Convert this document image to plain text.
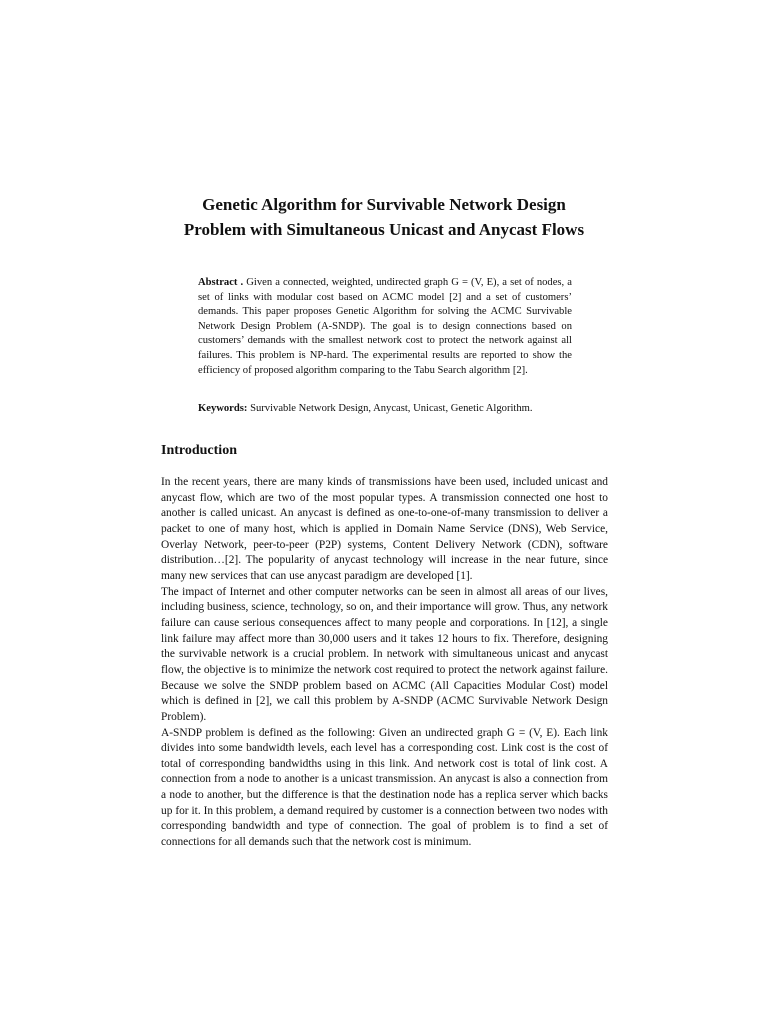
Genetic Algorithm for Survivable Network Design
Problem with Simultaneous Unicast and Anycast Flows
Abstract . Given a connected, weighted, undirected graph G = (V, E), a set of nodes, a set of links with modular cost based on ACMC model [2] and a set of customers’ demands. This paper proposes Genetic Algorithm for solving the ACMC Survivable Network Design Problem (A-SNDP). The goal is to design connections based on customers’ demands with the smallest network cost to protect the network against all failures. This problem is NP-hard. The experimental results are reported to show the efficiency of proposed algorithm comparing to the Tabu Search algorithm [2].
Keywords: Survivable Network Design, Anycast, Unicast, Genetic Algorithm.
Introduction

In the recent years, there are many kinds of transmissions have been used, included unicast and anycast flow, which are two of the most popular types. A transmission connected one host to another is called unicast. An anycast is defined as one-to-one-of-many transmission to deliver a packet to one of many host, which is applied in Domain Name Service (DNS), Web Service, Overlay Network, peer-to-peer (P2P) systems, Content Delivery Network (CDN), software distribution…[2]. The popularity of anycast technology will increase in the near future, since many new services that can use anycast paradigm are developed [1].

The impact of Internet and other computer networks can be seen in almost all areas of our lives, including business, science, technology, so on, and their importance will grow. Thus, any network failure can cause serious consequences affect to many people and corporations. In [12], a single link failure may affect more than 30,000 users and it takes 12 hours to fix. Therefore, designing the survivable network is a crucial problem. In network with simultaneous unicast and anycast flow, the objective is to minimize the network cost required to protect the network against failure. Because we solve the SNDP problem based on ACMC (All Capacities Modular Cost) model which is defined in [2], we call this problem by A-SNDP (ACMC Survivable Network Design Problem).

A-SNDP problem is defined as the following: Given an undirected graph G = (V, E). Each link divides into some bandwidth levels, each level has a corresponding cost. Link cost is the cost of total of corresponding bandwidths using in this link. And network cost is total of link cost. A connection from a node to another is a unicast transmission. An anycast is also a connection from a node to another, but the difference is that the destination node has a replica server which backs up for it. In this problem, a demand required by customer is a connection between two nodes with corresponding bandwidth and type of connection. The goal of problem is to find a set of connections for all demands such that the network cost is minimum.
